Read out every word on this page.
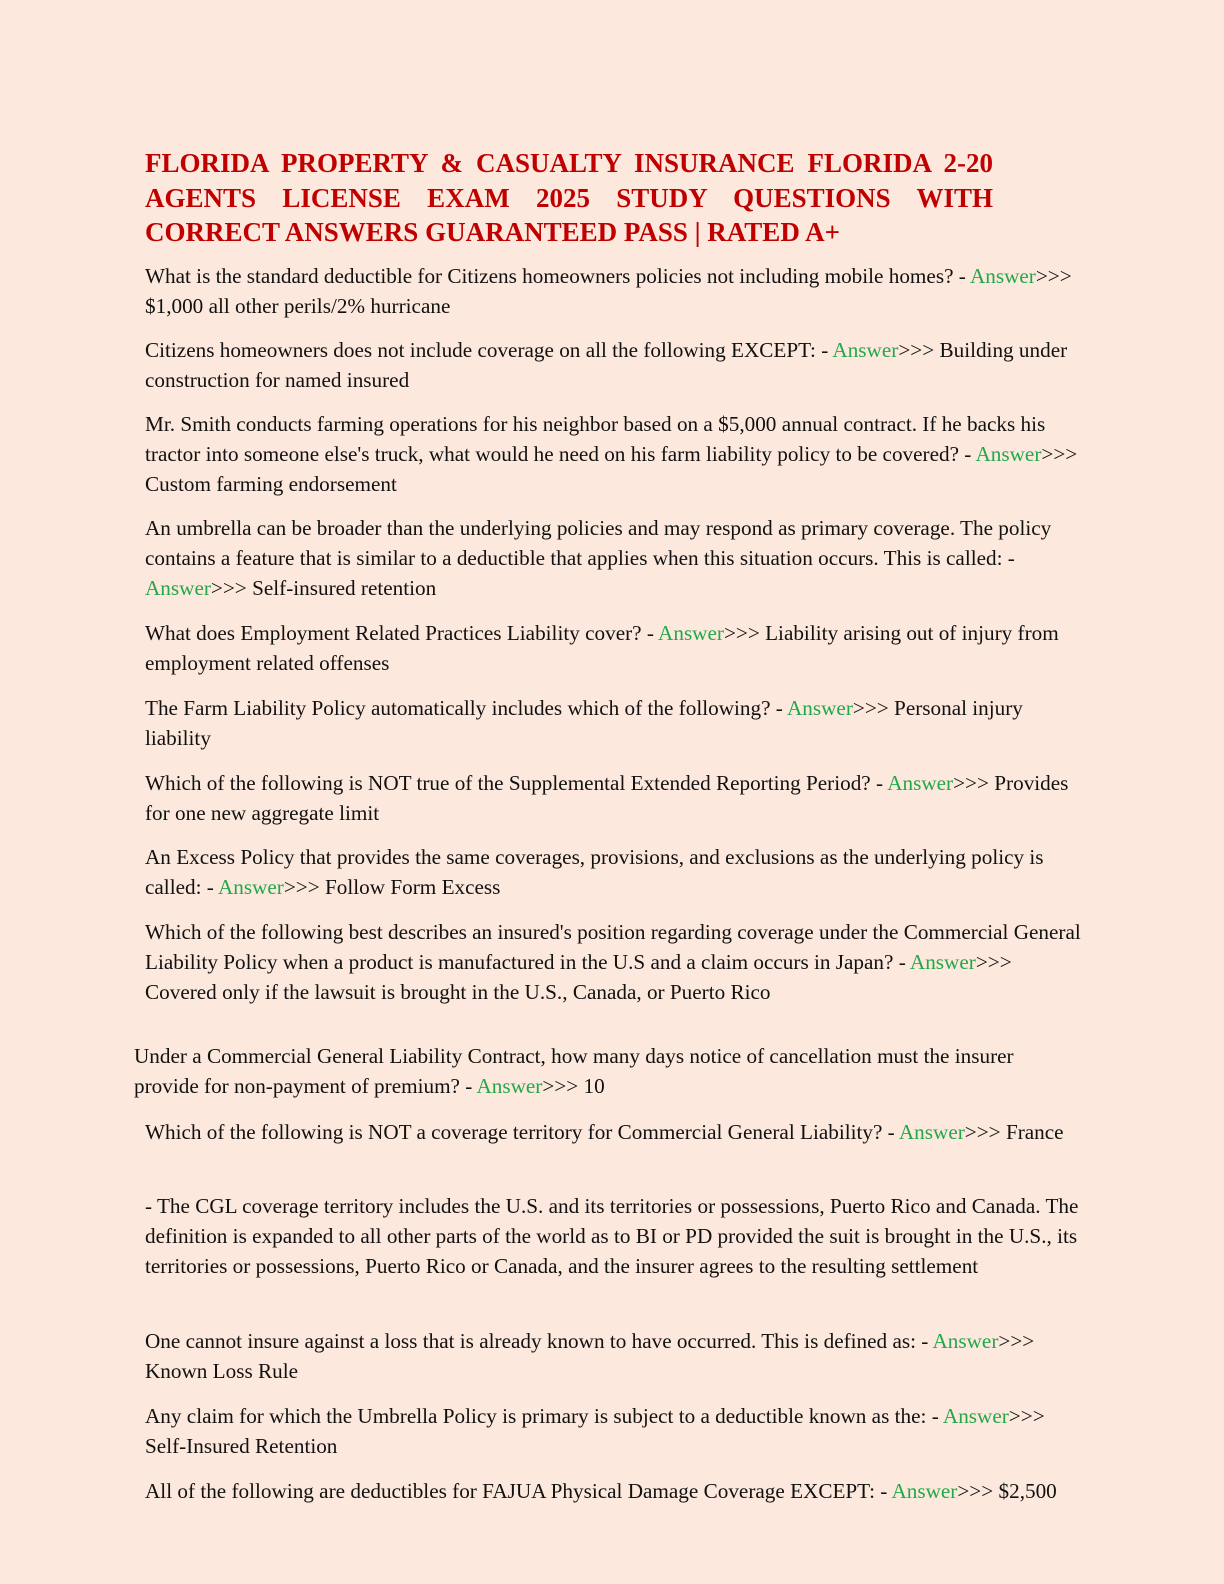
FLORIDA PROPERTY & CASUALTY INSURANCE FLORIDA 2-20 AGENTS LICENSE EXAM 2025 STUDY QUESTIONS WITH CORRECT ANSWERS GUARANTEED PASS | RATED A+

What is the standard deductible for Citizens homeowners policies not including mobile homes? - Answer>>> $1,000 all other perils/2% hurricane

Citizens homeowners does not include coverage on all the following EXCEPT: - Answer>>> Building under construction for named insured

Mr. Smith conducts farming operations for his neighbor based on a $5,000 annual contract. If he backs his tractor into someone else's truck, what would he need on his farm liability policy to be covered? - Answer>>> Custom farming endorsement

An umbrella can be broader than the underlying policies and may respond as primary coverage. The policy contains a feature that is similar to a deductible that applies when this situation occurs. This is called: - Answer>>> Self-insured retention

What does Employment Related Practices Liability cover? - Answer>>> Liability arising out of injury from employment related offenses

The Farm Liability Policy automatically includes which of the following? - Answer>>> Personal injury liability

Which of the following is NOT true of the Supplemental Extended Reporting Period? - Answer>>> Provides for one new aggregate limit

An Excess Policy that provides the same coverages, provisions, and exclusions as the underlying policy is called: - Answer>>> Follow Form Excess

Which of the following best describes an insured's position regarding coverage under the Commercial General Liability Policy when a product is manufactured in the U.S and a claim occurs in Japan? - Answer>>> Covered only if the lawsuit is brought in the U.S., Canada, or Puerto Rico

Under a Commercial General Liability Contract, how many days notice of cancellation must the insurer provide for non-payment of premium? - Answer>>> 10

Which of the following is NOT a coverage territory for Commercial General Liability? - Answer>>> France

- The CGL coverage territory includes the U.S. and its territories or possessions, Puerto Rico and Canada. The definition is expanded to all other parts of the world as to BI or PD provided the suit is brought in the U.S., its territories or possessions, Puerto Rico or Canada, and the insurer agrees to the resulting settlement

One cannot insure against a loss that is already known to have occurred. This is defined as: - Answer>>> Known Loss Rule

Any claim for which the Umbrella Policy is primary is subject to a deductible known as the: - Answer>>> Self-Insured Retention

All of the following are deductibles for FAJUA Physical Damage Coverage EXCEPT: - Answer>>> $2,500
